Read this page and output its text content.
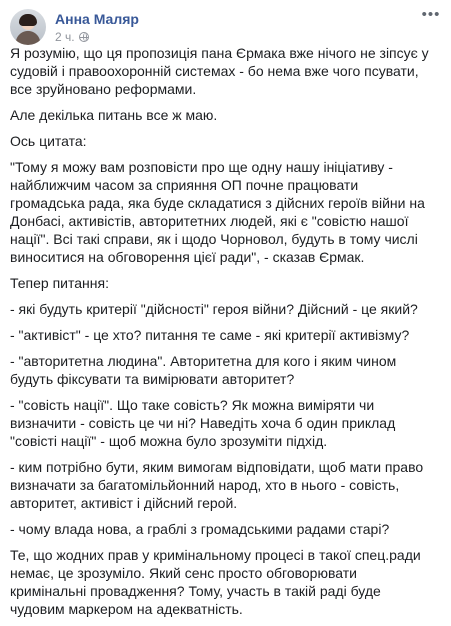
Анна Маляр
2 ч.
•••

Я розумію, що ця пропозиція пана Єрмака вже нічого не зіпсує у судовій і правоохоронній системах - бо нема вже чого псувати, все зруйновано реформами.

Але декілька питань все ж маю.

Ось цитата:

"Тому я можу вам розповісти про ще одну нашу ініціативу - найближчим часом за сприяння ОП почне працювати громадська рада, яка буде складатися з дійсних героїв війни на Донбасі, активістів, авторитетних людей, які є "совістю нашої нації". Всі такі справи, як і щодо Чорновол, будуть в тому числі виноситися на обговорення цієї ради", - сказав Єрмак.

Тепер питання:

- які будуть критерії "дійсності" героя війни? Дійсний - це який?

- "активіст" - це хто? питання те саме - які критерії активізму?

- "авторитетна людина". Авторитетна для кого і яким чином будуть фіксувати та вимірювати авторитет?

- "совість нації". Що таке совість? Як можна виміряти чи визначити - совість це чи ні? Наведіть хоча б один приклад "совісті нації" - щоб можна було зрозуміти підхід.

- ким потрібно бути, яким вимогам відповідати, щоб мати право визначати за багатомільйонний народ, хто в нього - совість, авторитет, активіст і дійсний герой.

- чому влада нова, а граблі з громадськими радами старі?

Те, що жодних прав у кримінальному процесі в такої спец.ради немає, це зрозуміло. Який сенс просто обговорювати кримінальні провадження? Тому, участь в такій раді буде чудовим маркером на адекватність.
